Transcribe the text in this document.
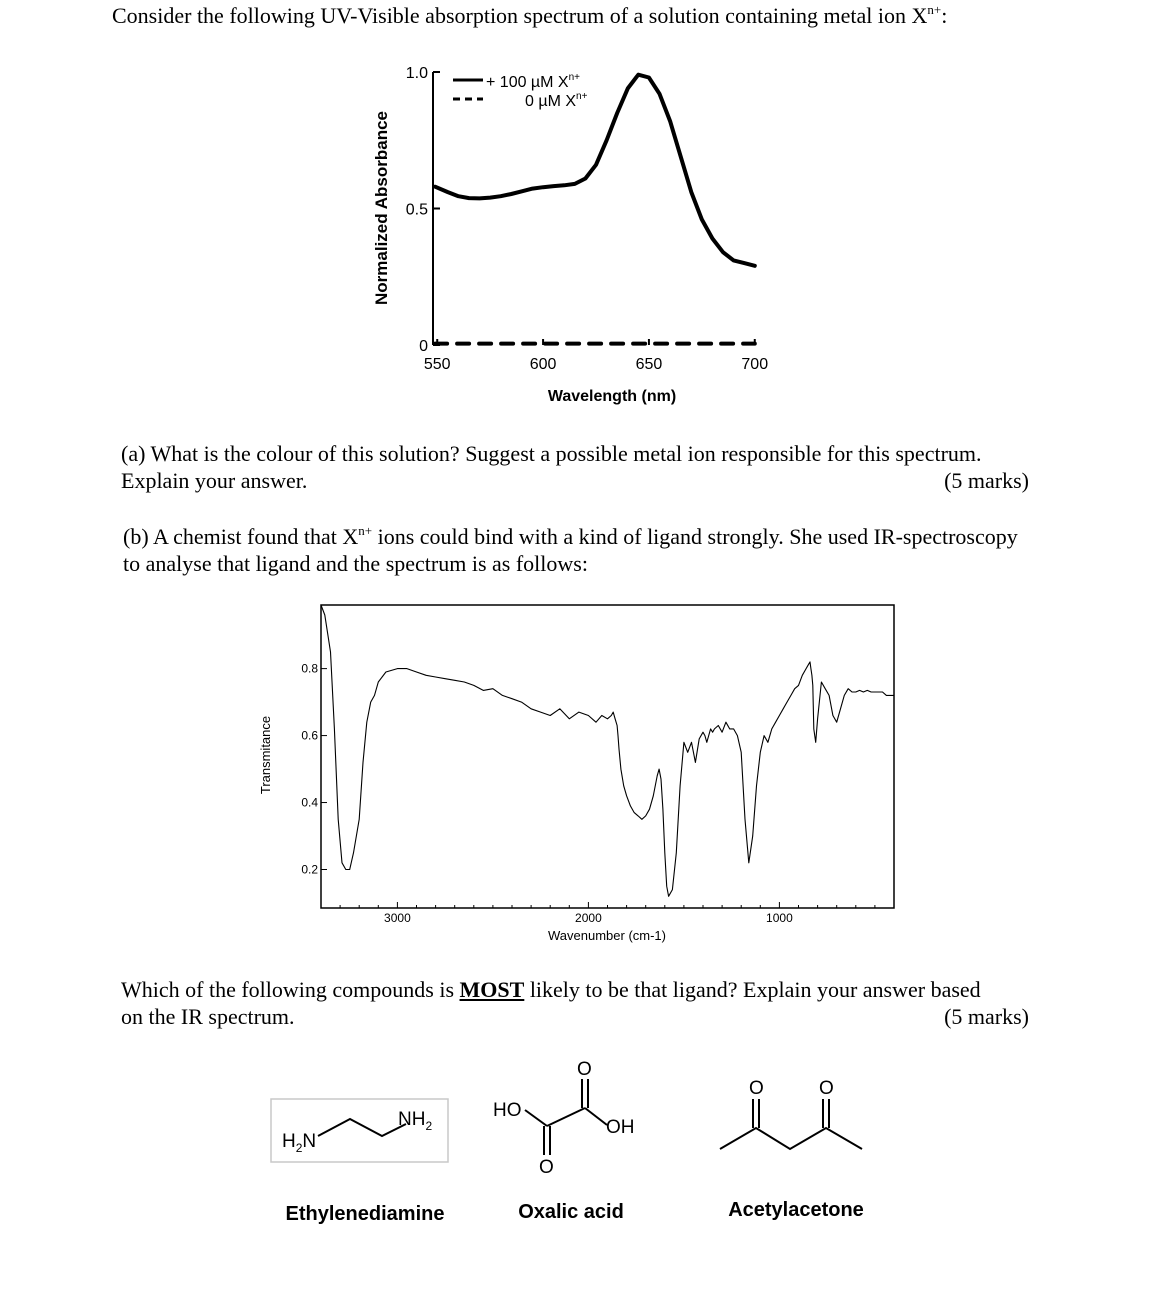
Consider the following UV-Visible absorption spectrum of a solution containing metal ion $X^{n+}$:
0
0.5
1.0
550	600	650	700
+ 100 µM $X^{n+}$
0 µM $X^{n+}$
Wavelength (nm)
Normalized Absorbance
(a) What is the colour of this solution? Suggest a possible metal ion responsible for this spectrum.
Explain your answer.	(5 marks)
(b) A chemist found that $X^{n+}$ ions could bind with a kind of ligand strongly. She used IR-spectroscopy
to analyse that ligand and the spectrum is as follows:
0.2
0.4
0.6
0.8
3000	2000	1000
Wavenumber (cm-1)
Transmitance
Which of the following compounds is MOST likely to be that ligand? Explain your answer based
on the IR spectrum.	(5 marks)
$H_2N$
$NH_2$
Ethylenediamine
HO
OH
O
O
Oxalic acid
O	O
Acetylacetone
